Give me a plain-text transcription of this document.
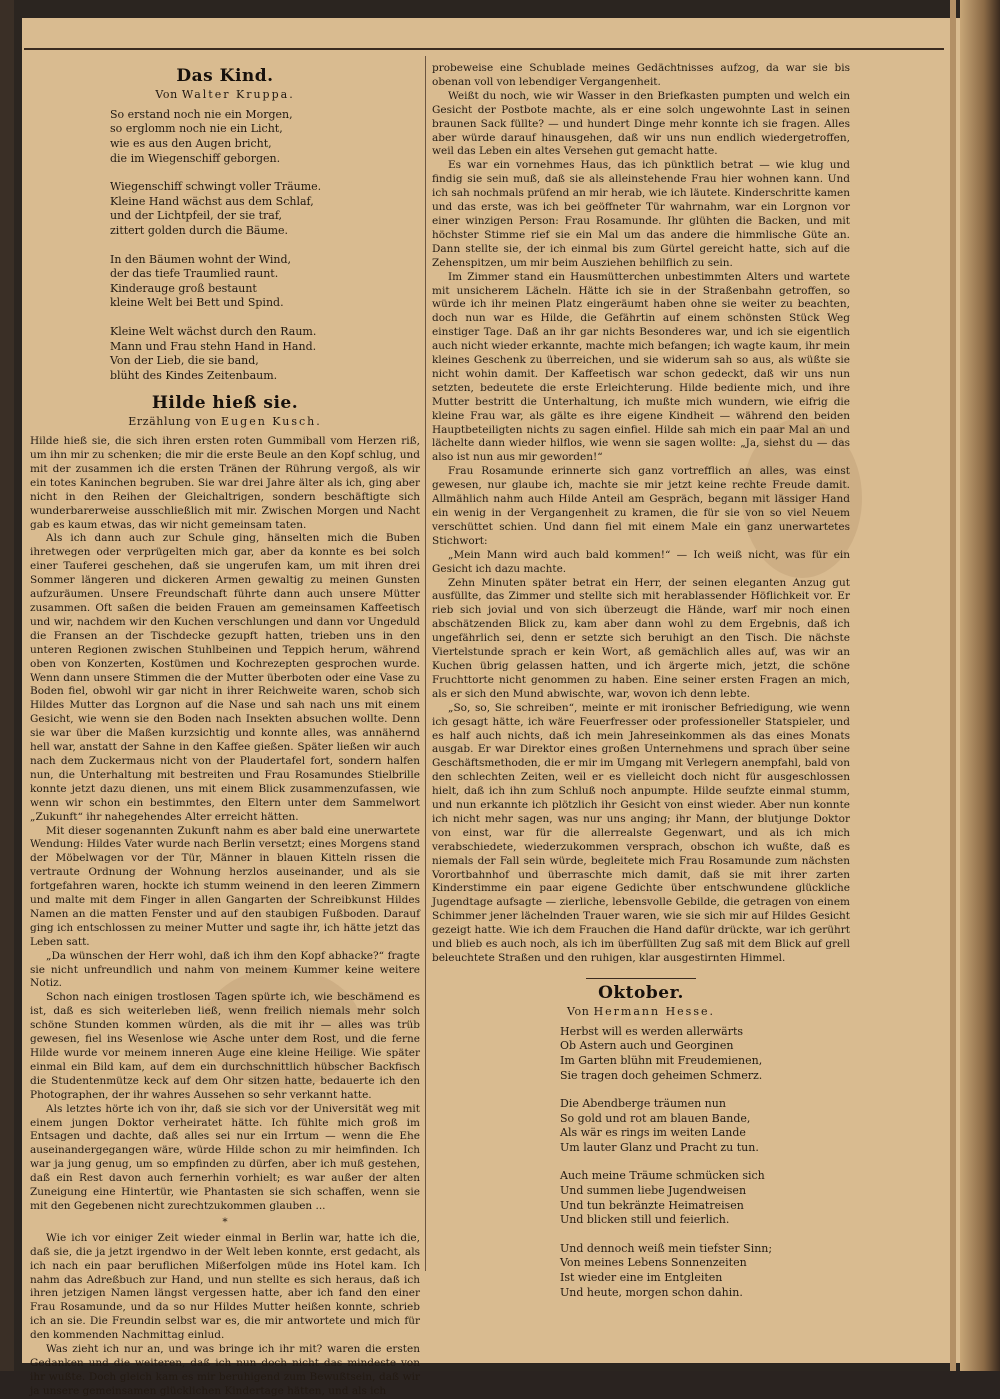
Das Kind.
Von Walter Kruppa.
So erstand noch nie ein Morgen,
so erglomm noch nie ein Licht,
wie es aus den Augen bricht,
die im Wiegenschiff geborgen.
Wiegenschiff schwingt voller Träume.
Kleine Hand wächst aus dem Schlaf,
und der Lichtpfeil, der sie traf,
zittert golden durch die Bäume.
In den Bäumen wohnt der Wind,
der das tiefe Traumlied raunt.
Kinderauge groß bestaunt
kleine Welt bei Bett und Spind.
Kleine Welt wächst durch den Raum.
Mann und Frau stehn Hand in Hand.
Von der Lieb, die sie band,
blüht des Kindes Zeitenbaum.
Hilde hieß sie.
Erzählung von Eugen Kusch.

Hilde hieß sie, die sich ihren ersten roten Gummiball vom Herzen riß, um ihn mir zu schenken; die mir die erste Beule an den Kopf schlug, und mit der zusammen ich die ersten Tränen der Rührung vergoß, als wir ein totes Kaninchen begruben. Sie war drei Jahre älter als ich, ging aber nicht in den Reihen der Gleichaltrigen, sondern beschäftigte sich wunderbarerweise ausschließlich mit mir. Zwischen Morgen und Nacht gab es kaum etwas, das wir nicht gemeinsam taten.

Als ich dann auch zur Schule ging, hänselten mich die Buben ihretwegen oder verprügelten mich gar, aber da konnte es bei solch einer Tauferei geschehen, daß sie ungerufen kam, um mit ihren drei Sommer längeren und dickeren Armen gewaltig zu meinen Gunsten aufzuräumen. Unsere Freundschaft führte dann auch unsere Mütter zusammen. Oft saßen die beiden Frauen am gemeinsamen Kaffeetisch und wir, nachdem wir den Kuchen verschlungen und dann vor Ungeduld die Fransen an der Tischdecke gezupft hatten, trieben uns in den unteren Regionen zwischen Stuhlbeinen und Teppich herum, während oben von Konzerten, Kostümen und Kochrezepten gesprochen wurde. Wenn dann unsere Stimmen die der Mutter überboten oder eine Vase zu Boden fiel, obwohl wir gar nicht in ihrer Reichweite waren, schob sich Hildes Mutter das Lorgnon auf die Nase und sah nach uns mit einem Gesicht, wie wenn sie den Boden nach Insekten absuchen wollte. Denn sie war über die Maßen kurzsichtig und konnte alles, was annähernd hell war, anstatt der Sahne in den Kaffee gießen. Später ließen wir auch nach dem Zuckermaus nicht von der Plaudertafel fort, sondern halfen nun, die Unterhaltung mit bestreiten und Frau Rosamundes Stielbrille konnte jetzt dazu dienen, uns mit einem Blick zusammenzufassen, wie wenn wir schon ein bestimmtes, den Eltern unter dem Sammelwort „Zukunft“ ihr nahegehendes Alter erreicht hätten.

Mit dieser sogenannten Zukunft nahm es aber bald eine unerwartete Wendung: Hildes Vater wurde nach Berlin versetzt; eines Morgens stand der Möbelwagen vor der Tür, Männer in blauen Kitteln rissen die vertraute Ordnung der Wohnung herzlos auseinander, und als sie fortgefahren waren, hockte ich stumm weinend in den leeren Zimmern und malte mit dem Finger in allen Gangarten der Schreibkunst Hildes Namen an die matten Fenster und auf den staubigen Fußboden. Darauf ging ich entschlossen zu meiner Mutter und sagte ihr, ich hätte jetzt das Leben satt.

„Da wünschen der Herr wohl, daß ich ihm den Kopf abhacke?“ fragte sie nicht unfreundlich und nahm von meinem Kummer keine weitere Notiz.

Schon nach einigen trostlosen Tagen spürte ich, wie beschämend es ist, daß es sich weiterleben ließ, wenn freilich niemals mehr solch schöne Stunden kommen würden, als die mit ihr — alles was trüb gewesen, fiel ins Wesenlose wie Asche unter dem Rost, und die ferne Hilde wurde vor meinem inneren Auge eine kleine Heilige. Wie später einmal ein Bild kam, auf dem ein durchschnittlich hübscher Backfisch die Studentenmütze keck auf dem Ohr sitzen hatte, bedauerte ich den Photographen, der ihr wahres Aussehen so sehr verkannt hatte.

Als letztes hörte ich von ihr, daß sie sich vor der Universität weg mit einem jungen Doktor verheiratet hätte. Ich fühlte mich groß im Entsagen und dachte, daß alles sei nur ein Irrtum — wenn die Ehe auseinandergegangen wäre, würde Hilde schon zu mir heimfinden. Ich war ja jung genug, um so empfinden zu dürfen, aber ich muß gestehen, daß ein Rest davon auch fernerhin vorhielt; es war außer der alten Zuneigung eine Hintertür, wie Phantasten sie sich schaffen, wenn sie mit den Gegebenen nicht zurechtzukommen glauben ...

*

Wie ich vor einiger Zeit wieder einmal in Berlin war, hatte ich die, daß sie, die ja jetzt irgendwo in der Welt leben konnte, erst gedacht, als ich nach ein paar beruflichen Mißerfolgen müde ins Hotel kam. Ich nahm das Adreßbuch zur Hand, und nun stellte es sich heraus, daß ich ihren jetzigen Namen längst vergessen hatte, aber ich fand den einer Frau Rosamunde, und da so nur Hildes Mutter heißen konnte, schrieb ich an sie. Die Freundin selbst war es, die mir antwortete und mich für den kommenden Nachmittag einlud.

Was zieht ich nur an, und was bringe ich ihr mit? waren die ersten Gedanken und die weiteren, daß ich nun doch nicht das mindeste von ihr wußte. Doch gleich kam es mir beruhigend zum Bewußtsein, daß wir ja unsere gemeinsamen glücklichen Kindertage hätten, und als ich

probeweise eine Schublade meines Gedächtnisses aufzog, da war sie bis obenan voll von lebendiger Vergangenheit.

Weißt du noch, wie wir Wasser in den Briefkasten pumpten und welch ein Gesicht der Postbote machte, als er eine solch ungewohnte Last in seinen braunen Sack füllte? — und hundert Dinge mehr konnte ich sie fragen. Alles aber würde darauf hinausgehen, daß wir uns nun endlich wiedergetroffen, weil das Leben ein altes Versehen gut gemacht hatte.

Es war ein vornehmes Haus, das ich pünktlich betrat — wie klug und findig sie sein muß, daß sie als alleinstehende Frau hier wohnen kann. Und ich sah nochmals prüfend an mir herab, wie ich läutete. Kinderschritte kamen und das erste, was ich bei geöffneter Tür wahrnahm, war ein Lorgnon vor einer winzigen Person: Frau Rosamunde. Ihr glühten die Backen, und mit höchster Stimme rief sie ein Mal um das andere die himmlische Güte an. Dann stellte sie, der ich einmal bis zum Gürtel gereicht hatte, sich auf die Zehenspitzen, um mir beim Ausziehen behilflich zu sein.

Im Zimmer stand ein Hausmütterchen unbestimmten Alters und wartete mit unsicherem Lächeln. Hätte ich sie in der Straßenbahn getroffen, so würde ich ihr meinen Platz eingeräumt haben ohne sie weiter zu beachten, doch nun war es Hilde, die Gefährtin auf einem schönsten Stück Weg einstiger Tage. Daß an ihr gar nichts Besonderes war, und ich sie eigentlich auch nicht wieder erkannte, machte mich befangen; ich wagte kaum, ihr mein kleines Geschenk zu überreichen, und sie widerum sah so aus, als wüßte sie nicht wohin damit. Der Kaffeetisch war schon gedeckt, daß wir uns nun setzten, bedeutete die erste Erleichterung. Hilde bediente mich, und ihre Mutter bestritt die Unterhaltung, ich mußte mich wundern, wie eifrig die kleine Frau war, als gälte es ihre eigene Kindheit — während den beiden Hauptbeteiligten nichts zu sagen einfiel. Hilde sah mich ein paar Mal an und lächelte dann wieder hilflos, wie wenn sie sagen wollte: „Ja, siehst du — das also ist nun aus mir geworden!“

Frau Rosamunde erinnerte sich ganz vortrefflich an alles, was einst gewesen, nur glaube ich, machte sie mir jetzt keine rechte Freude damit. Allmählich nahm auch Hilde Anteil am Gespräch, begann mit lässiger Hand ein wenig in der Vergangenheit zu kramen, die für sie von so viel Neuem verschüttet schien. Und dann fiel mit einem Male ein ganz unerwartetes Stichwort:

„Mein Mann wird auch bald kommen!“ — Ich weiß nicht, was für ein Gesicht ich dazu machte.

Zehn Minuten später betrat ein Herr, der seinen eleganten Anzug gut ausfüllte, das Zimmer und stellte sich mit herablassender Höflichkeit vor. Er rieb sich jovial und von sich überzeugt die Hände, warf mir noch einen abschätzenden Blick zu, kam aber dann wohl zu dem Ergebnis, daß ich ungefährlich sei, denn er setzte sich beruhigt an den Tisch. Die nächste Viertelstunde sprach er kein Wort, aß gemächlich alles auf, was wir an Kuchen übrig gelassen hatten, und ich ärgerte mich, jetzt, die schöne Fruchttorte nicht genommen zu haben. Eine seiner ersten Fragen an mich, als er sich den Mund abwischte, war, wovon ich denn lebte.

„So, so, Sie schreiben“, meinte er mit ironischer Befriedigung, wie wenn ich gesagt hätte, ich wäre Feuerfresser oder professioneller Statspieler, und es half auch nichts, daß ich mein Jahreseinkommen als das eines Monats ausgab. Er war Direktor eines großen Unternehmens und sprach über seine Geschäftsmethoden, die er mir im Umgang mit Verlegern anempfahl, bald von den schlechten Zeiten, weil er es vielleicht doch nicht für ausgeschlossen hielt, daß ich ihn zum Schluß noch anpumpte. Hilde seufzte einmal stumm, und nun erkannte ich plötzlich ihr Gesicht von einst wieder. Aber nun konnte ich nicht mehr sagen, was nur uns anging; ihr Mann, der blutjunge Doktor von einst, war für die allerrealste Gegenwart, und als ich mich verabschiedete, wiederzukommen versprach, obschon ich wußte, daß es niemals der Fall sein würde, begleitete mich Frau Rosamunde zum nächsten Vorortbahnhof und überraschte mich damit, daß sie mit ihrer zarten Kinderstimme ein paar eigene Gedichte über entschwundene glückliche Jugendtage aufsagte — zierliche, lebensvolle Gebilde, die getragen von einem Schimmer jener lächelnden Trauer waren, wie sie sich mir auf Hildes Gesicht gezeigt hatte. Wie ich dem Frauchen die Hand dafür drückte, war ich gerührt und blieb es auch noch, als ich im überfüllten Zug saß mit dem Blick auf grell beleuchtete Straßen und den ruhigen, klar ausgestirnten Himmel.

Oktober.
Von Hermann Hesse.
Herbst will es werden allerwärts
Ob Astern auch und Georginen
Im Garten blühn mit Freudemienen,
Sie tragen doch geheimen Schmerz.
Die Abendberge träumen nun
So gold und rot am blauen Bande,
Als wär es rings im weiten Lande
Um lauter Glanz und Pracht zu tun.
Auch meine Träume schmücken sich
Und summen liebe Jugendweisen
Und tun bekränzte Heimatreisen
Und blicken still und feierlich.
Und dennoch weiß mein tiefster Sinn;
Von meines Lebens Sonnenzeiten
Ist wieder eine im Entgleiten
Und heute, morgen schon dahin.
